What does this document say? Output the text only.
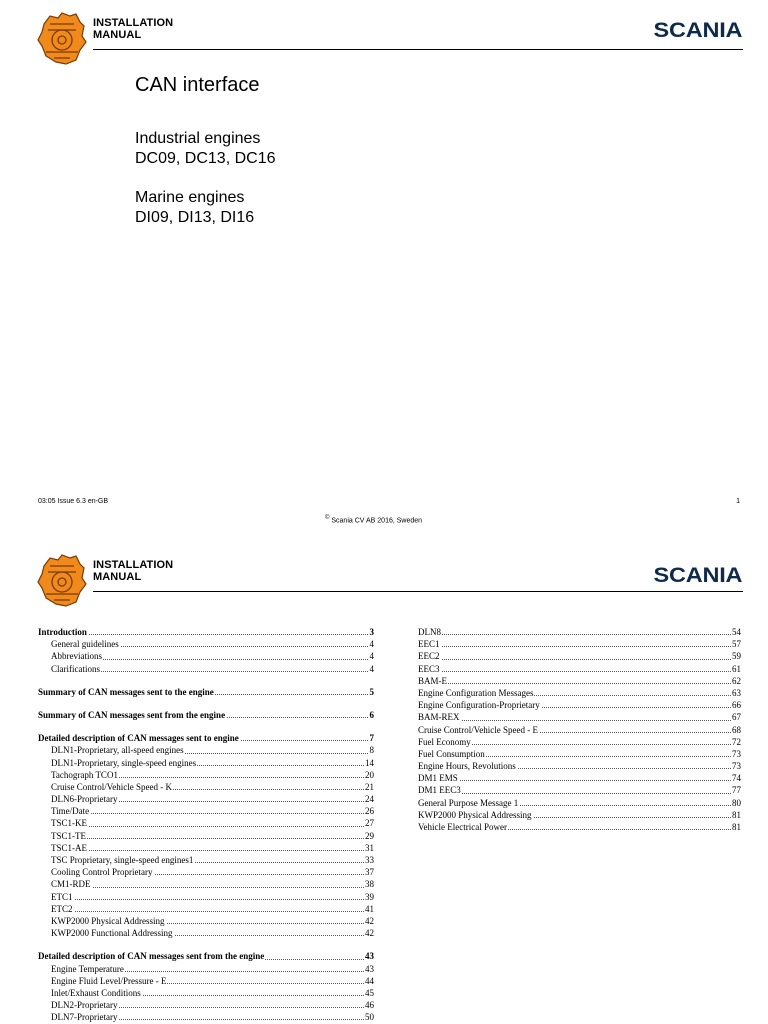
INSTALLATION
MANUAL	SCANIA
CAN interface
Industrial engines
DC09, DC13, DC16
Marine engines
DI09, DI13, DI16
03:05 Issue 6.3 en-GB	1
© Scania CV AB 2016, Sweden
INSTALLATION
MANUAL	SCANIA
Introduction	3
General guidelines	4
Abbreviations	4
Clarifications	4
Summary of CAN messages sent to the engine	5
Summary of CAN messages sent from the engine	6
Detailed description of CAN messages sent to engine	7
DLN1-Proprietary, all-speed engines	8
DLN1-Proprietary, single-speed engines	14
Tachograph TCO1	20
Cruise Control/Vehicle Speed - K	21
DLN6-Proprietary	24
Time/Date	26
TSC1-KE	27
TSC1-TE	29
TSC1-AE	31
TSC Proprietary, single-speed engines1	33
Cooling Control Proprietary	37
CM1-RDE	38
ETC1	39
ETC2	41
KWP2000 Physical Addressing	42
KWP2000 Functional Addressing	42
Detailed description of CAN messages sent from the engine	43
Engine Temperature	43
Engine Fluid Level/Pressure - E	44
Inlet/Exhaust Conditions	45
DLN2-Proprietary	46
DLN7-Proprietary	50
DLN8	54
EEC1	57
EEC2	59
EEC3	61
BAM-E	62
Engine Configuration Messages	63
Engine Configuration-Proprietary	66
BAM-REX	67
Cruise Control/Vehicle Speed - E	68
Fuel Economy	72
Fuel Consumption	73
Engine Hours, Revolutions	73
DM1 EMS	74
DM1 EEC3	77
General Purpose Message 1	80
KWP2000 Physical Addressing	81
Vehicle Electrical Power	81
